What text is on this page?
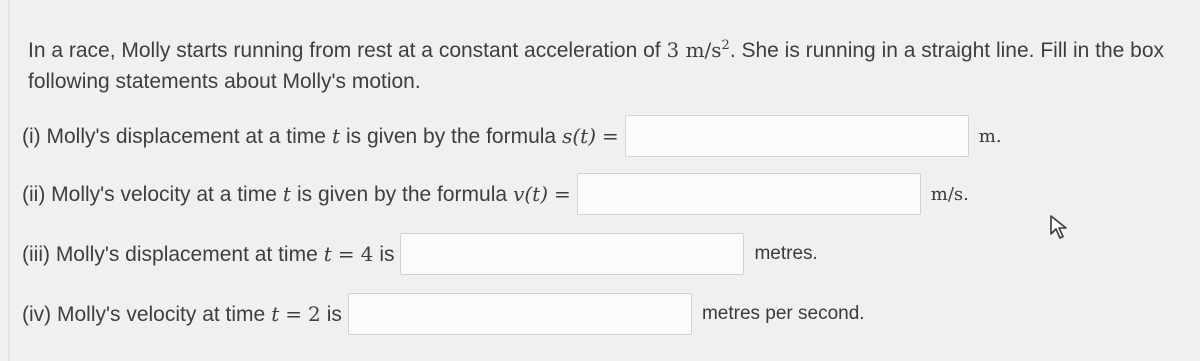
In a race, Molly starts running from rest at a constant acceleration of 3 $m/s^2$. She is running in a straight line. Fill in the box
following statements about Molly's motion.
(i) Molly's displacement at a time t is given by the formula s(t) =	m.
(ii) Molly's velocity at a time t is given by the formula v(t) =	m/s.
(iii) Molly's displacement at time t = 4 is	metres.
(iv) Molly's velocity at time t = 2 is	metres per second.
